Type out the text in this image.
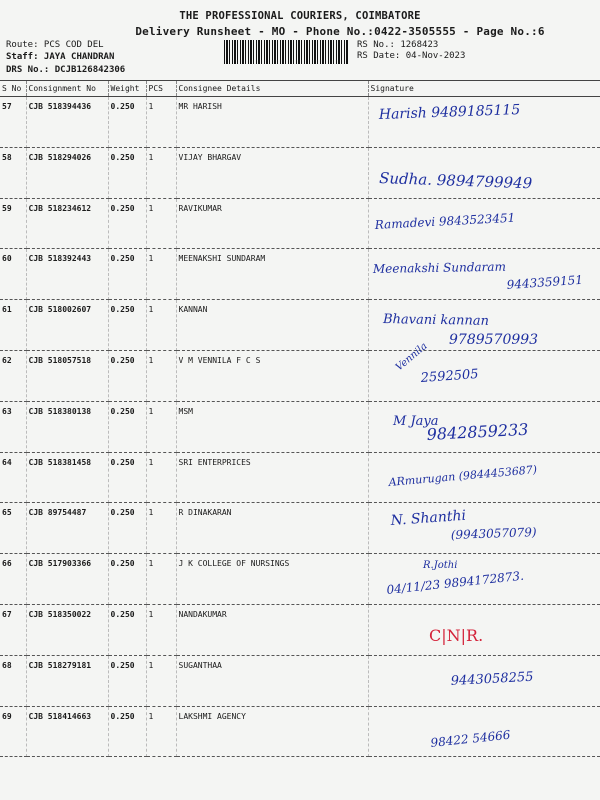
THE PROFESSIONAL COURIERS, COIMBATORE
Delivery Runsheet - MO - Phone No.:0422-3505555 - Page No.:6
Route: PCS COD DEL
Staff: JAYA CHANDRAN
DRS No.: DCJB126842306
RS No.: 1268423
RS Date: 04-Nov-2023
S No	Consignment No	Weight	PCS	Consignee Details	Signature
57	CJB 518394436	0.250	1	MR HARISH	Harish 9489185115

58	CJB 518294026	0.250	1	VIJAY BHARGAV	Sudha. 9894799949

59	CJB 518234612	0.250	1	RAVIKUMAR	Ramadevi 9843523451

60	CJB 518392443	0.250	1	MEENAKSHI SUNDARAM	Meenakshi Sundaram
9443359151

61	CJB 518002607	0.250	1	KANNAN	Bhavani kannan
9789570993

62	CJB 518057518	0.250	1	V M VENNILA F C S	Vennila
2592505

63	CJB 518380138	0.250	1	MSM	M Jaya
9842859233

64	CJB 518381458	0.250	1	SRI ENTERPRICES	ARmurugan (9844453687)

65	CJB 89754487	0.250	1	R DINAKARAN	N. Shanthi
(9943057079)

66	CJB 517903366	0.250	1	J K COLLEGE OF NURSINGS	R.Jothi
04/11/23 9894172873.

67	CJB 518350022	0.250	1	NANDAKUMAR	C|N|R.

68	CJB 518279181	0.250	1	SUGANTHAA	9443058255

69	CJB 518414663	0.250	1	LAKSHMI AGENCY	98422 54666
